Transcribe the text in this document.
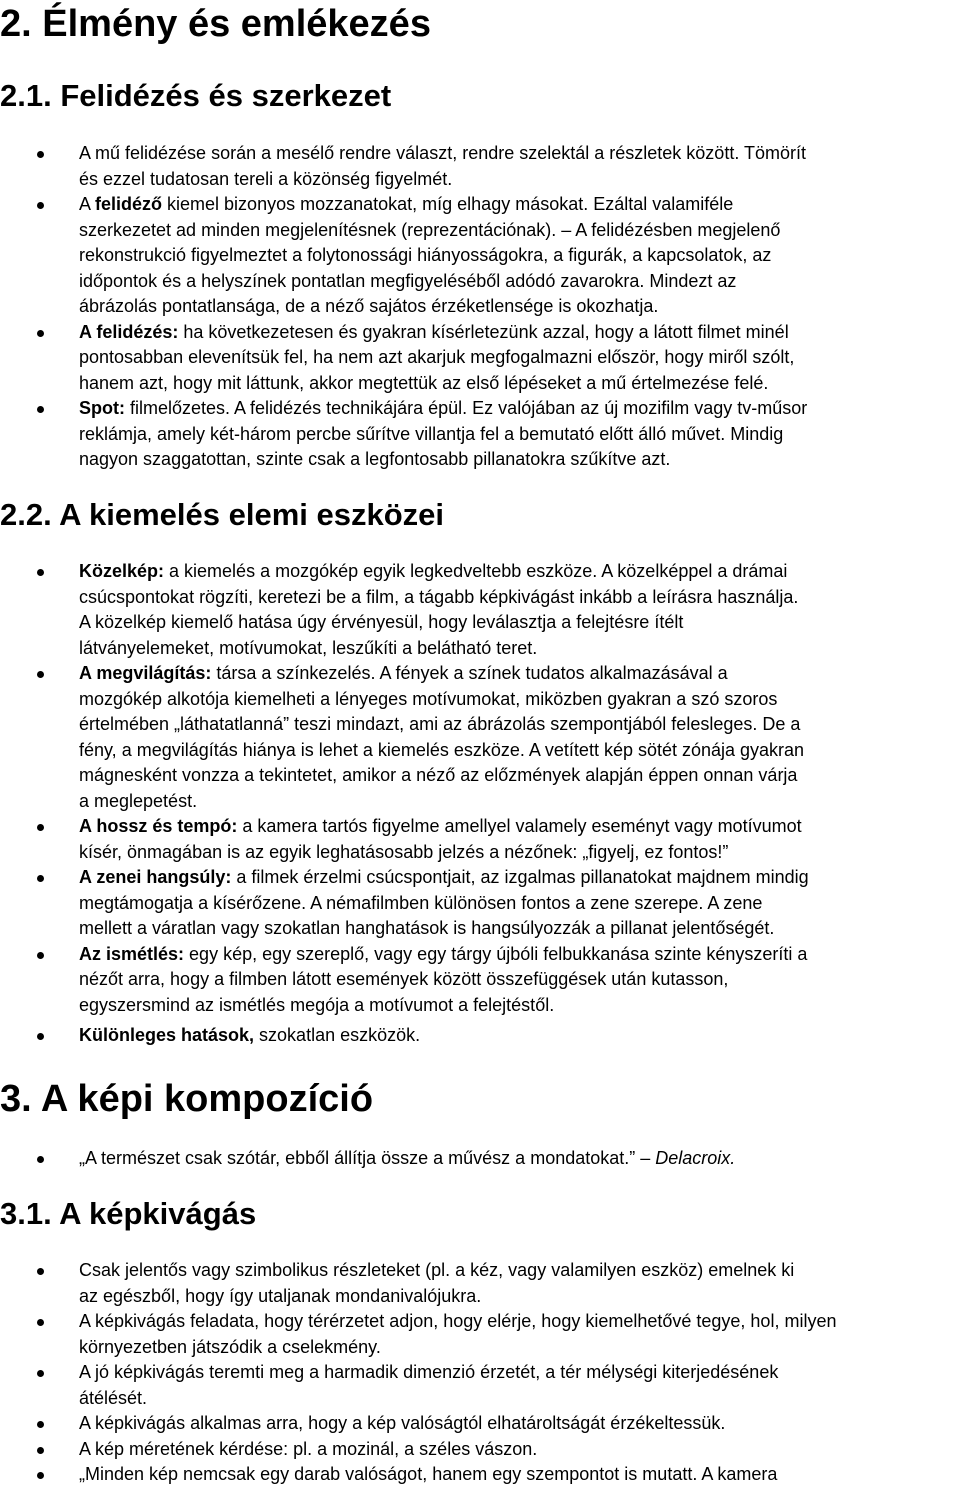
2. Élmény és emlékezés
2.1. Felidézés és szerkezet
A mű felidézése során a mesélő rendre választ, rendre szelektál a részletek között. Tömörít
és ezzel tudatosan tereli a közönség figyelmét.
A felidéző kiemel bizonyos mozzanatokat, míg elhagy másokat. Ezáltal valamiféle
szerkezetet ad minden megjelenítésnek (reprezentációnak). – A felidézésben megjelenő
rekonstrukció figyelmeztet a folytonossági hiányosságokra, a figurák, a kapcsolatok, az
időpontok és a helyszínek pontatlan megfigyeléséből adódó zavarokra. Mindezt az
ábrázolás pontatlansága, de a néző sajátos érzéketlensége is okozhatja.
A felidézés: ha következetesen és gyakran kísérletezünk azzal, hogy a látott filmet minél
pontosabban elevenítsük fel, ha nem azt akarjuk megfogalmazni először, hogy miről szólt,
hanem azt, hogy mit láttunk, akkor megtettük az első lépéseket a mű értelmezése felé.
Spot: filmelőzetes. A felidézés technikájára épül. Ez valójában az új mozifilm vagy tv-műsor
reklámja, amely két-három percbe sűrítve villantja fel a bemutató előtt álló művet. Mindig
nagyon szaggatottan, szinte csak a legfontosabb pillanatokra szűkítve azt.
2.2. A kiemelés elemi eszközei
Közelkép: a kiemelés a mozgókép egyik legkedveltebb eszköze. A közelképpel a drámai
csúcspontokat rögzíti, keretezi be a film, a tágabb képkivágást inkább a leírásra használja.
A közelkép kiemelő hatása úgy érvényesül, hogy leválasztja a felejtésre ítélt
látványelemeket, motívumokat, leszűkíti a belátható teret.
A megvilágítás: társa a színkezelés. A fények a színek tudatos alkalmazásával a
mozgókép alkotója kiemelheti a lényeges motívumokat, miközben gyakran a szó szoros
értelmében „láthatatlanná” teszi mindazt, ami az ábrázolás szempontjából felesleges. De a
fény, a megvilágítás hiánya is lehet a kiemelés eszköze. A vetített kép sötét zónája gyakran
mágnesként vonzza a tekintetet, amikor a néző az előzmények alapján éppen onnan várja
a meglepetést.
A hossz és tempó: a kamera tartós figyelme amellyel valamely eseményt vagy motívumot
kísér, önmagában is az egyik leghatásosabb jelzés a nézőnek: „figyelj, ez fontos!”
A zenei hangsúly: a filmek érzelmi csúcspontjait, az izgalmas pillanatokat majdnem mindig
megtámogatja a kísérőzene. A némafilmben különösen fontos a zene szerepe. A zene
mellett a váratlan vagy szokatlan hanghatások is hangsúlyozzák a pillanat jelentőségét.
Az ismétlés: egy kép, egy szereplő, vagy egy tárgy újbóli felbukkanása szinte kényszeríti a
nézőt arra, hogy a filmben látott események között összefüggések után kutasson,
egyszersmind az ismétlés megója a motívumot a felejtéstől.
Különleges hatások, szokatlan eszközök.
3. A képi kompozíció
„A természet csak szótár, ebből állítja össze a művész a mondatokat.” – Delacroix.
3.1. A képkivágás
Csak jelentős vagy szimbolikus részleteket (pl. a kéz, vagy valamilyen eszköz) emelnek ki
az egészből, hogy így utaljanak mondanivalójukra.
A képkivágás feladata, hogy térérzetet adjon, hogy elérje, hogy kiemelhetővé tegye, hol, milyen
környezetben játszódik a cselekmény.
A jó képkivágás teremti meg a harmadik dimenzió érzetét, a tér mélységi kiterjedésének
átélését.
A képkivágás alkalmas arra, hogy a kép valóságtól elhatároltságát érzékeltessük.
A kép méretének kérdése: pl. a mozinál, a széles vászon.
„Minden kép nemcsak egy darab valóságot, hanem egy szempontot is mutatt. A kamera
